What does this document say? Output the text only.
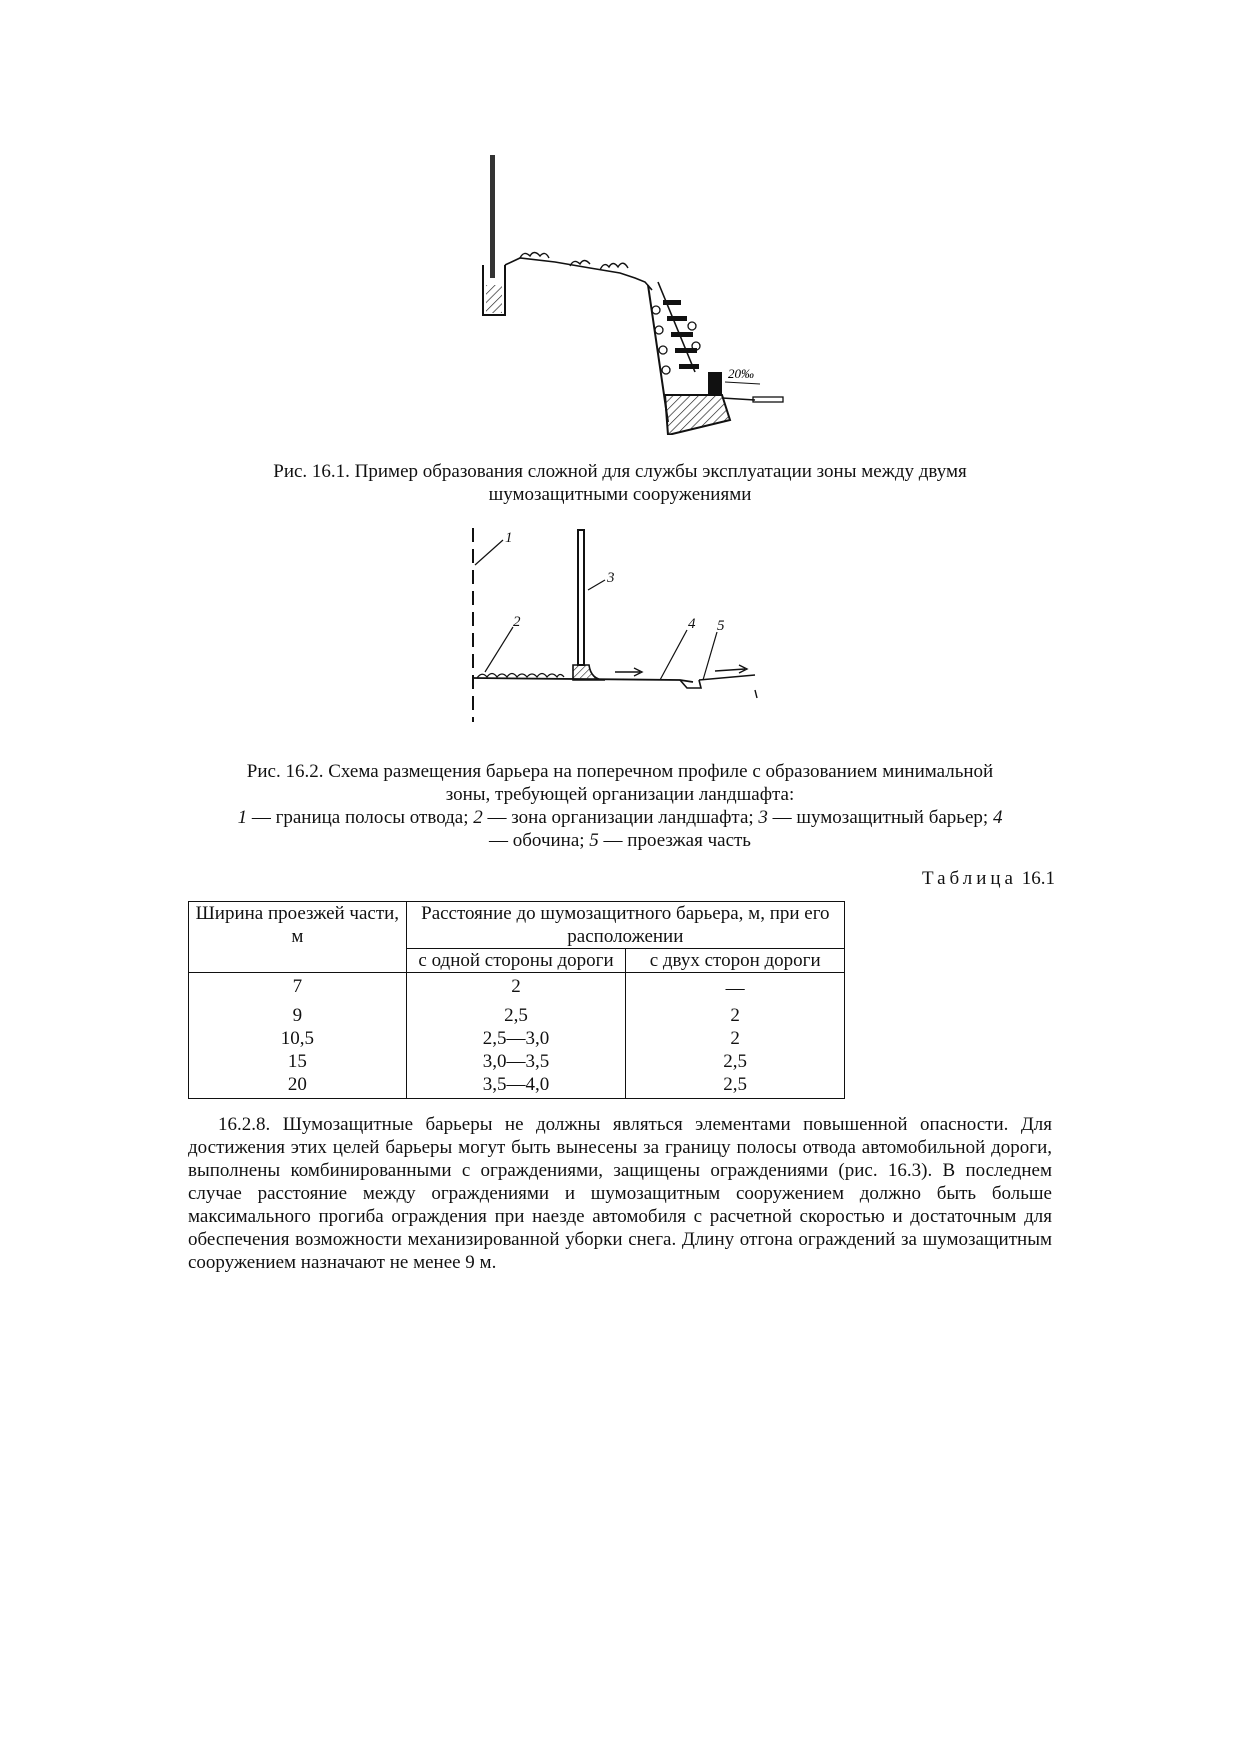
20‰
Рис. 16.1. Пример образования сложной для службы эксплуатации зоны между двумя
шумозащитными сооружениями
1
2
3
4 5
Рис. 16.2. Схема размещения барьера на поперечном профиле с образованием минимальной
зоны, требующей организации ландшафта:
1 — граница полосы отвода; 2 — зона организации ландшафта; 3 — шумозащитный барьер; 4
— обочина; 5 — проезжая часть
Таблица 16.1
Ширина проезжей части, м	Расстояние до шумозащитного барьера, м, при его расположении	
	с одной стороны дороги	с двух сторон дороги
7	2	—
9	2,5	2
10,5	2,5—3,0	2
15	3,0—3,5	2,5
20	3,5—4,0	2,5

16.2.8. Шумозащитные барьеры не должны являться элементами повышенной опасности. Для достижения этих целей барьеры могут быть вынесены за границу полосы отвода автомобильной дороги, выполнены комбинированными с ограждениями, защищены ограждениями (рис. 16.3). В последнем случае расстояние между ограждениями и шумозащитным сооружением должно быть больше максимального прогиба ограждения при наезде автомобиля с расчетной скоростью и достаточным для обеспечения возможности механизированной уборки снега. Длину отгона ограждений за шумозащитным сооружением назначают не менее 9 м.
